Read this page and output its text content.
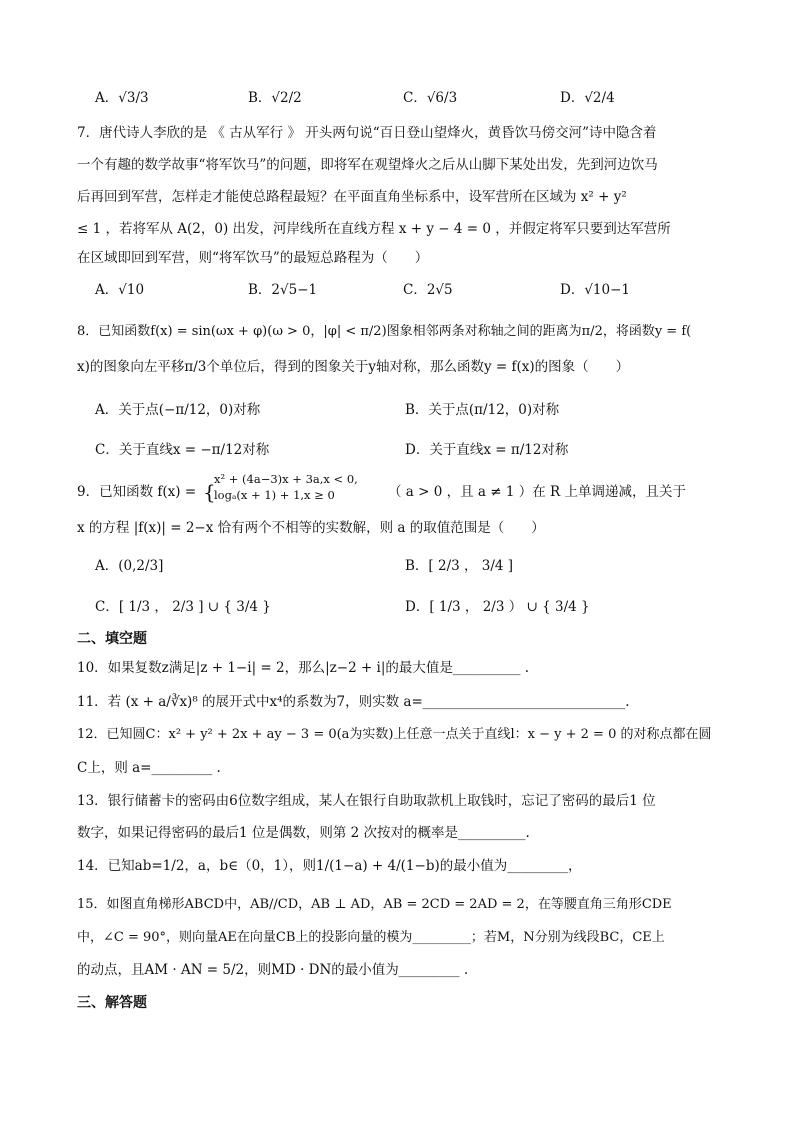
A．√3/3	B．√2/2	C．√6/3	D．√2/4
7．唐代诗人李欣的是 《 古从军行 》 开头两句说“百日登山望烽火，黄昏饮马傍交河”诗中隐含着
一个有趣的数学故事“将军饮马”的问题，即将军在观望烽火之后从山脚下某处出发，先到河边饮马
后再回到军营，怎样走才能使总路程最短？在平面直角坐标系中，设军营所在区域为 x² + y²
≤ 1 ，若将军从 A(2，0) 出发，河岸线所在直线方程 x + y − 4 = 0 ，并假定将军只要到达军营所
在区域即回到军营，则“将军饮马”的最短总路程为（　　）
A．√10	B．2√5−1	C．2√5	D．√10−1
8．已知函数f(x) = sin(ωx + φ)(ω > 0，|φ| < π/2)图象相邻两条对称轴之间的距离为π/2，将函数y = f(
x)的图象向左平移π/3个单位后，得到的图象关于y轴对称，那么函数y = f(x)的图象（　　）
A．关于点(−π/12，0)对称	B．关于点(π/12，0)对称
C．关于直线x = −π/12对称	D．关于直线x = π/12对称
9．已知函数 f(x) = {
x² + (4a−3)x + 3a,x < 0,
logₐ(x + 1) + 1,x ≥ 0	（ a > 0 ，且 a ≠ 1 ）在 R 上单调递减，且关于
x 的方程 |f(x)| = 2−x 恰有两个不相等的实数解，则 a 的取值范围是（　　）
A．(0,2/3]	B．[ 2/3 ， 3/4 ]
C．[ 1/3 ， 2/3 ] ∪ { 3/4 }	D．[ 1/3 ， 2/3 ） ∪ { 3/4 }
二、填空题
10．如果复数z满足|z + 1−i| = 2，那么|z−2 + i|的最大值是__________ .
11．若 (x + a/∛x)⁸ 的展开式中x⁴的系数为7，则实数 a=______________________________.
12．已知圆C：x² + y² + 2x + ay − 3 = 0(a为实数)上任意一点关于直线l：x − y + 2 = 0 的对称点都在圆
C上，则 a=_________ .
13．银行储蓄卡的密码由6位数字组成，某人在银行自助取款机上取钱时，忘记了密码的最后1 位
数字，如果记得密码的最后1 位是偶数，则第 2 次按对的概率是__________.
14．已知ab=1/2，a，b∈（0，1），则1/(1−a) + 4/(1−b)的最小值为_________，
15．如图直角梯形ABCD中，AB//CD，AB ⊥ AD，AB = 2CD = 2AD = 2，在等腰直角三角形CDE
中，∠C = 90°，则向量AE在向量CB上的投影向量的模为_________；若M，N分别为线段BC，CE上
的动点，且AM · AN = 5/2，则MD · DN的最小值为_________ .
三、解答题
